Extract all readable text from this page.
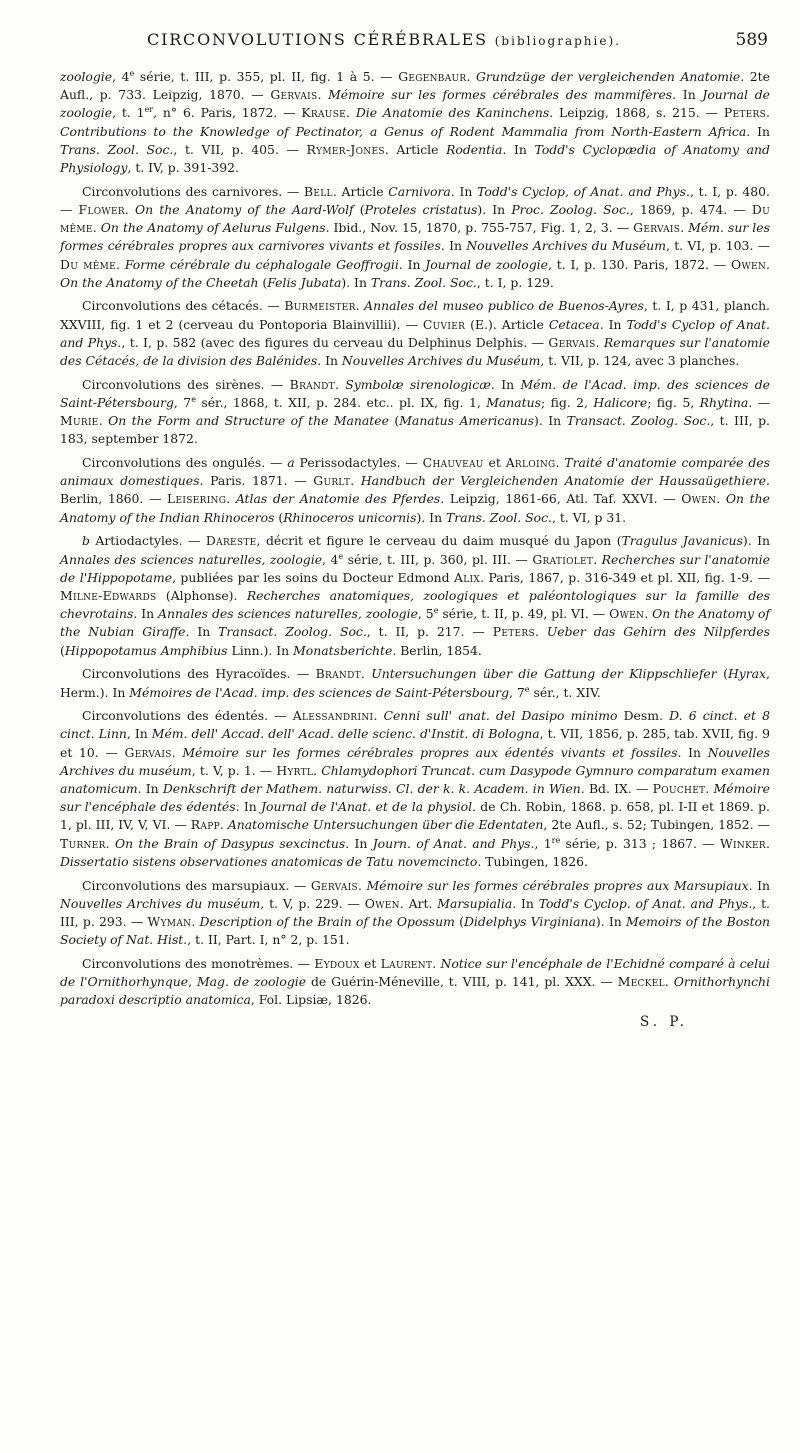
CIRCONVOLUTIONS CÉRÉBRALES (bibliographie).	589

zoologie, 4e série, t. III, p. 355, pl. II, fig. 1 à 5. — Gegenbaur. Grundzüge der vergleichenden Anatomie. 2te Aufl., p. 733. Leipzig, 1870. — Gervais. Mémoire sur les formes cérébrales des mammifères. In Journal de zoologie, t. 1er, n° 6. Paris, 1872. — Krause. Die Anatomie des Kaninchens. Leipzig, 1868, s. 215. — Peters. Contributions to the Knowledge of Pectinator, a Genus of Rodent Mammalia from North-Eastern Africa. In Trans. Zool. Soc., t. VII, p. 405. — Rymer-Jones. Article Rodentia. In Todd's Cyclopædia of Anatomy and Physiology, t. IV, p. 391-392.

Circonvolutions des carnivores. — Bell. Article Carnivora. In Todd's Cyclop, of Anat. and Phys., t. I, p. 480. — Flower. On the Anatomy of the Aard-Wolf (Proteles cristatus). In Proc. Zoolog. Soc., 1869, p. 474. — Du même. On the Anatomy of Aelurus Fulgens. Ibid., Nov. 15, 1870, p. 755-757, Fig. 1, 2, 3. — Gervais. Mém. sur les formes cérébrales propres aux carnivores vivants et fossiles. In Nouvelles Archives du Muséum, t. VI, p. 103. — Du même. Forme cérébrale du céphalogale Geoffrogii. In Journal de zoologie, t. I, p. 130. Paris, 1872. — Owen. On the Anatomy of the Cheetah (Felis Jubata). In Trans. Zool. Soc., t. I, p. 129.

Circonvolutions des cétacés. — Burmeister. Annales del museo publico de Buenos-Ayres, t. I, p 431, planch. XXVIII, fig. 1 et 2 (cerveau du Pontoporia Blainvillii). — Cuvier (E.). Article Cetacea. In Todd's Cyclop of Anat. and Phys., t. I, p. 582 (avec des figures du cerveau du Delphinus Delphis. — Gervais. Remarques sur l'anatomie des Cétacés, de la division des Balénides. In Nouvelles Archives du Muséum, t. VII, p. 124, avec 3 planches.

Circonvolutions des sirènes. — Brandt. Symbolæ sirenologicæ. In Mém. de l'Acad. imp. des sciences de Saint-Pétersbourg, 7e sér., 1868, t. XII, p. 284. etc.. pl. IX, fig. 1, Manatus; fig. 2, Halicore; fig. 5, Rhytina. — Murie. On the Form and Structure of the Manatee (Manatus Americanus). In Transact. Zoolog. Soc., t. III, p. 183, september 1872.

Circonvolutions des ongulés. — a Perissodactyles. — Chauveau et Arloing. Traité d'anatomie comparée des animaux domestiques. Paris. 1871. — Gurlt. Handbuch der Vergleichenden Anatomie der Haussaügethiere. Berlin, 1860. — Leisering. Atlas der Anatomie des Pferdes. Leipzig, 1861-66, Atl. Taf. XXVI. — Owen. On the Anatomy of the Indian Rhinoceros (Rhinoceros unicornis). In Trans. Zool. Soc., t. VI, p 31.

b Artiodactyles. — Dareste, décrit et figure le cerveau du daim musqué du Japon (Tragulus Javanicus). In Annales des sciences naturelles, zoologie, 4e série, t. III, p. 360, pl. III. — Gratiolet. Recherches sur l'anatomie de l'Hippopotame, publiées par les soins du Docteur Edmond Alix. Paris, 1867, p. 316-349 et pl. XII, fig. 1-9. — Milne-Edwards (Alphonse). Recherches anatomiques, zoologiques et paléontologiques sur la famille des chevrotains. In Annales des sciences naturelles, zoologie, 5e série, t. II, p. 49, pl. VI. — Owen. On the Anatomy of the Nubian Giraffe. In Transact. Zoolog. Soc., t. II, p. 217. — Peters. Ueber das Gehirn des Nilpferdes (Hippopotamus Amphibius Linn.). In Monatsberichte. Berlin, 1854.

Circonvolutions des Hyracoïdes. — Brandt. Untersuchungen über die Gattung der Klippschliefer (Hyrax, Herm.). In Mémoires de l'Acad. imp. des sciences de Saint-Pétersbourg, 7e sér., t. XIV.

Circonvolutions des édentés. — Alessandrini. Cenni sull' anat. del Dasipo minimo Desm. D. 6 cinct. et 8 cinct. Linn, In Mém. dell' Accad. dell' Acad. delle scienc. d'Instit. di Bologna, t. VII, 1856, p. 285, tab. XVII, fig. 9 et 10. — Gervais. Mémoire sur les formes cérébrales propres aux édentés vivants et fossiles. In Nouvelles Archives du muséum, t. V, p. 1. — Hyrtl. Chlamydophori Truncat. cum Dasypode Gymnuro comparatum examen anatomicum. In Denkschrift der Mathem. naturwiss. Cl. der k. k. Academ. in Wien. Bd. IX. — Pouchet. Mémoire sur l'encéphale des édentés. In Journal de l'Anat. et de la physiol. de Ch. Robin, 1868. p. 658, pl. I-II et 1869. p. 1, pl. III, IV, V, VI. — Rapp. Anatomische Untersuchungen über die Edentaten, 2te Aufl., s. 52; Tubingen, 1852. — Turner. On the Brain of Dasypus sexcinctus. In Journ. of Anat. and Phys., 1re série, p. 313 ; 1867. — Winker. Dissertatio sistens observationes anatomicas de Tatu novemcincto. Tubingen, 1826.

Circonvolutions des marsupiaux. — Gervais. Mémoire sur les formes cérébrales propres aux Marsupiaux. In Nouvelles Archives du muséum, t. V, p. 229. — Owen. Art. Marsupialia. In Todd's Cyclop. of Anat. and Phys., t. III, p. 293. — Wyman. Description of the Brain of the Opossum (Didelphys Virginiana). In Memoirs of the Boston Society of Nat. Hist., t. II, Part. I, n° 2, p. 151.

Circonvolutions des monotrèmes. — Eydoux et Laurent. Notice sur l'encéphale de l'Echidné comparé à celui de l'Ornithorhynque, Mag. de zoologie de Guérin-Méneville, t. VIII, p. 141, pl. XXX. — Meckel. Ornithorhynchi paradoxi descriptio anatomica, Fol. Lipsiæ, 1826.

S. P.
